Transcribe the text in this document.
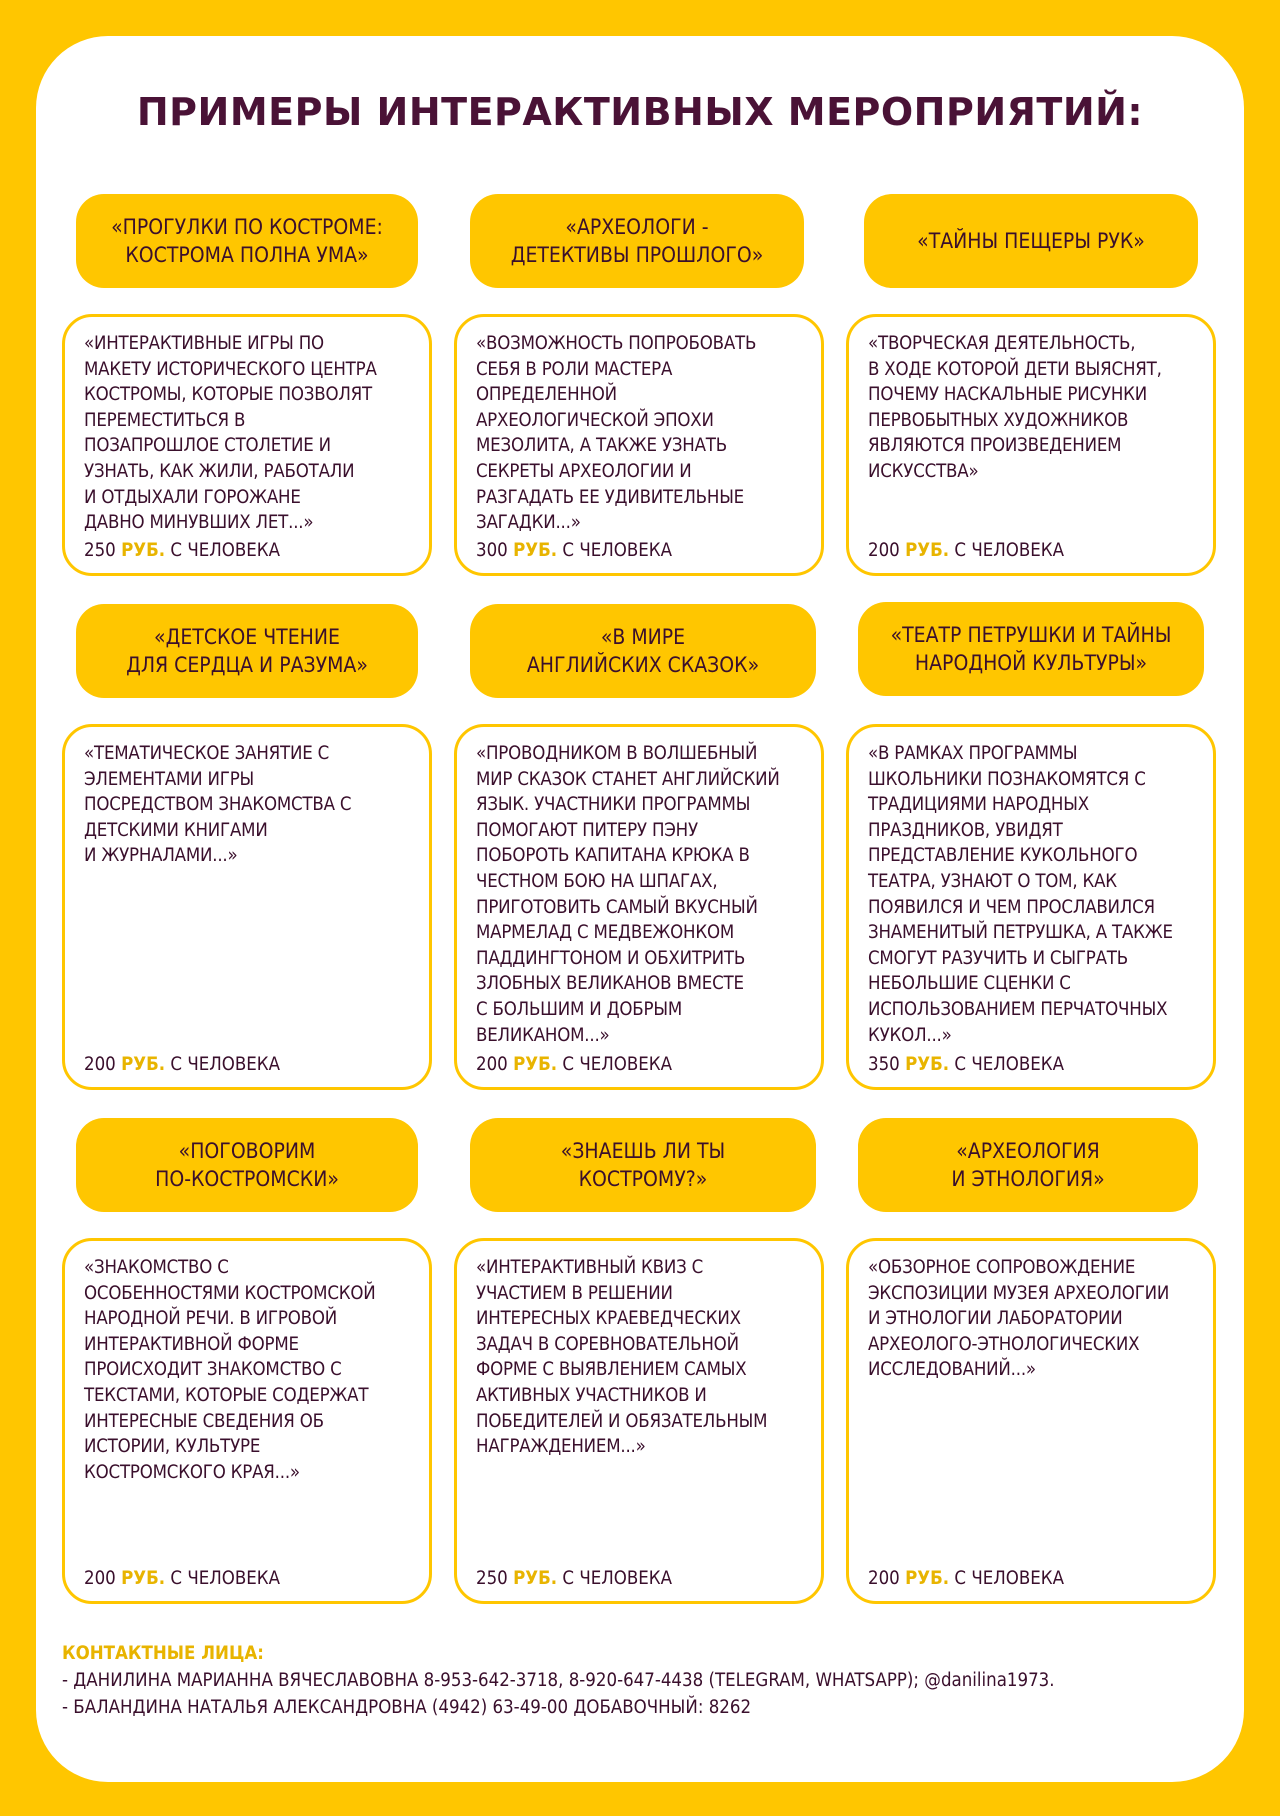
ПРИМЕРЫ ИНТЕРАКТИВНЫХ МЕРОПРИЯТИЙ:
«ПРОГУЛКИ ПО КОСТРОМЕ:
КОСТРОМА ПОЛНА УМА»
«АРХЕОЛОГИ -
ДЕТЕКТИВЫ ПРОШЛОГО»
«ТАЙНЫ ПЕЩЕРЫ РУК»
«ИНТЕРАКТИВНЫЕ ИГРЫ ПО
МАКЕТУ ИСТОРИЧЕСКОГО ЦЕНТРА
КОСТРОМЫ, КОТОРЫЕ ПОЗВОЛЯТ
ПЕРЕМЕСТИТЬСЯ В
ПОЗАПРОШЛОЕ СТОЛЕТИЕ И
УЗНАТЬ, КАК ЖИЛИ, РАБОТАЛИ
И ОТДЫХАЛИ ГОРОЖАНЕ
ДАВНО МИНУВШИХ ЛЕТ...»
250 РУБ. С ЧЕЛОВЕКА
«ВОЗМОЖНОСТЬ ПОПРОБОВАТЬ
СЕБЯ В РОЛИ МАСТЕРА
ОПРЕДЕЛЕННОЙ
АРХЕОЛОГИЧЕСКОЙ ЭПОХИ
МЕЗОЛИТА, А ТАКЖЕ УЗНАТЬ
СЕКРЕТЫ АРХЕОЛОГИИ И
РАЗГАДАТЬ ЕЕ УДИВИТЕЛЬНЫЕ
ЗАГАДКИ...»
300 РУБ. С ЧЕЛОВЕКА
«ТВОРЧЕСКАЯ ДЕЯТЕЛЬНОСТЬ,
В ХОДЕ КОТОРОЙ ДЕТИ ВЫЯСНЯТ,
ПОЧЕМУ НАСКАЛЬНЫЕ РИСУНКИ
ПЕРВОБЫТНЫХ ХУДОЖНИКОВ
ЯВЛЯЮТСЯ ПРОИЗВЕДЕНИЕМ
ИСКУССТВА»
200 РУБ. С ЧЕЛОВЕКА
«ДЕТСКОЕ ЧТЕНИЕ
ДЛЯ СЕРДЦА И РАЗУМА»
«В МИРЕ
АНГЛИЙСКИХ СКАЗОК»
«ТЕАТР ПЕТРУШКИ И ТАЙНЫ
НАРОДНОЙ КУЛЬТУРЫ»
«ТЕМАТИЧЕСКОЕ ЗАНЯТИЕ С
ЭЛЕМЕНТАМИ ИГРЫ
ПОСРЕДСТВОМ ЗНАКОМСТВА С
ДЕТСКИМИ КНИГАМИ
И ЖУРНАЛАМИ...»
200 РУБ. С ЧЕЛОВЕКА
«ПРОВОДНИКОМ В ВОЛШЕБНЫЙ
МИР СКАЗОК СТАНЕТ АНГЛИЙСКИЙ
ЯЗЫК. УЧАСТНИКИ ПРОГРАММЫ
ПОМОГАЮТ ПИТЕРУ ПЭНУ
ПОБОРОТЬ КАПИТАНА КРЮКА В
ЧЕСТНОМ БОЮ НА ШПАГАХ,
ПРИГОТОВИТЬ САМЫЙ ВКУСНЫЙ
МАРМЕЛАД С МЕДВЕЖОНКОМ
ПАДДИНГТОНОМ И ОБХИТРИТЬ
ЗЛОБНЫХ ВЕЛИКАНОВ ВМЕСТЕ
С БОЛЬШИМ И ДОБРЫМ
ВЕЛИКАНОМ...»
200 РУБ. С ЧЕЛОВЕКА
«В РАМКАХ ПРОГРАММЫ
ШКОЛЬНИКИ ПОЗНАКОМЯТСЯ С
ТРАДИЦИЯМИ НАРОДНЫХ
ПРАЗДНИКОВ, УВИДЯТ
ПРЕДСТАВЛЕНИЕ КУКОЛЬНОГО
ТЕАТРА, УЗНАЮТ О ТОМ, КАК
ПОЯВИЛСЯ И ЧЕМ ПРОСЛАВИЛСЯ
ЗНАМЕНИТЫЙ ПЕТРУШКА, А ТАКЖЕ
СМОГУТ РАЗУЧИТЬ И СЫГРАТЬ
НЕБОЛЬШИЕ СЦЕНКИ С
ИСПОЛЬЗОВАНИЕМ ПЕРЧАТОЧНЫХ
КУКОЛ...»
350 РУБ. С ЧЕЛОВЕКА
«ПОГОВОРИМ
ПО-КОСТРОМСКИ»
«ЗНАЕШЬ ЛИ ТЫ
КОСТРОМУ?»
«АРХЕОЛОГИЯ
И ЭТНОЛОГИЯ»
«ЗНАКОМСТВО С
ОСОБЕННОСТЯМИ КОСТРОМСКОЙ
НАРОДНОЙ РЕЧИ. В ИГРОВОЙ
ИНТЕРАКТИВНОЙ ФОРМЕ
ПРОИСХОДИТ ЗНАКОМСТВО С
ТЕКСТАМИ, КОТОРЫЕ СОДЕРЖАТ
ИНТЕРЕСНЫЕ СВЕДЕНИЯ ОБ
ИСТОРИИ, КУЛЬТУРЕ
КОСТРОМСКОГО КРАЯ...»
200 РУБ. С ЧЕЛОВЕКА
«ИНТЕРАКТИВНЫЙ КВИЗ С
УЧАСТИЕМ В РЕШЕНИИ
ИНТЕРЕСНЫХ КРАЕВЕДЧЕСКИХ
ЗАДАЧ В СОРЕВНОВАТЕЛЬНОЙ
ФОРМЕ С ВЫЯВЛЕНИЕМ САМЫХ
АКТИВНЫХ УЧАСТНИКОВ И
ПОБЕДИТЕЛЕЙ И ОБЯЗАТЕЛЬНЫМ
НАГРАЖДЕНИЕМ...»
250 РУБ. С ЧЕЛОВЕКА
«ОБЗОРНОЕ СОПРОВОЖДЕНИЕ
ЭКСПОЗИЦИИ МУЗЕЯ АРХЕОЛОГИИ
И ЭТНОЛОГИИ ЛАБОРАТОРИИ
АРХЕОЛОГО-ЭТНОЛОГИЧЕСКИХ
ИССЛЕДОВАНИЙ...»
200 РУБ. С ЧЕЛОВЕКА
КОНТАКТНЫЕ ЛИЦА:
- ДАНИЛИНА МАРИАННА ВЯЧЕСЛАВОВНА 8-953-642-3718, 8-920-647-4438 (TELEGRAM, WHATSAPP); @danilina1973.
- БАЛАНДИНА НАТАЛЬЯ АЛЕКСАНДРОВНА (4942) 63-49-00 ДОБАВОЧНЫЙ: 8262
